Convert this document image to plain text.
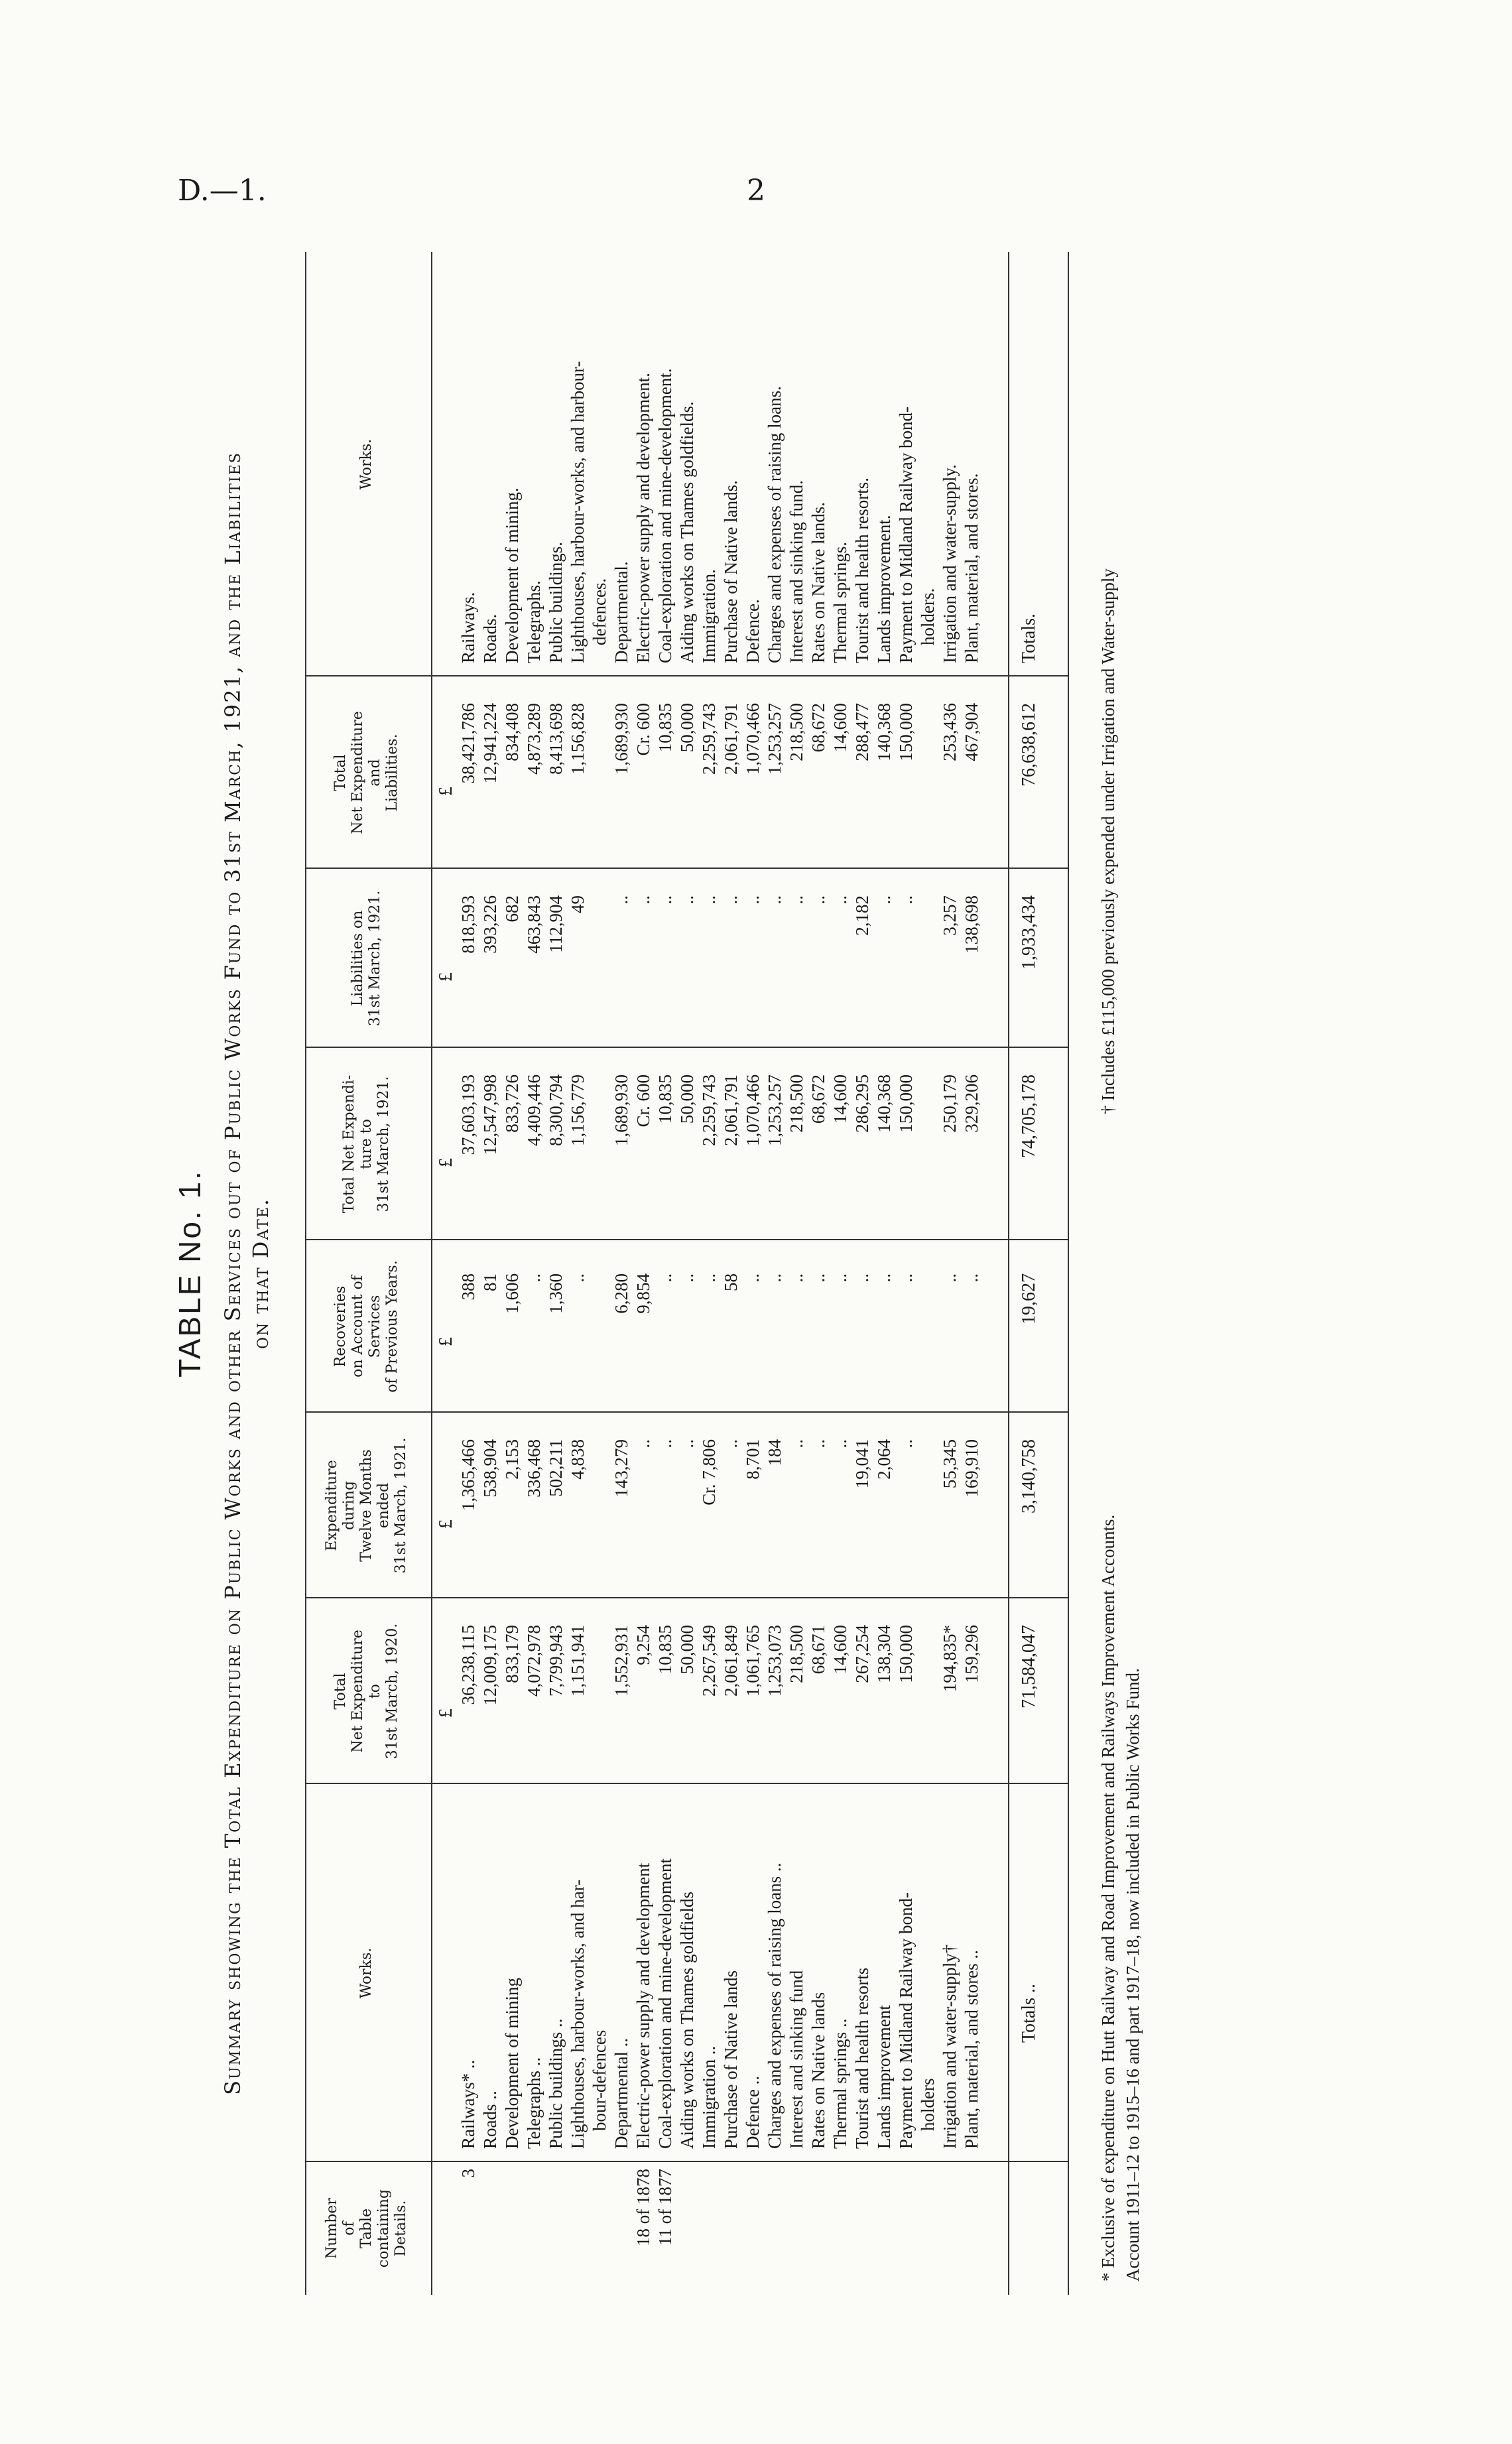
D.—1.	2
TABLE No. 1. Summary showing the Total Expenditure on Public Works and other Services out of Public Works Fund to 31st March, 1921, and the Liabilities on that Date.
Number
of
Table
containing
Details.
Works.
Total
Net Expenditure
to
31st March, 1920.
Expenditure
during
Twelve Months
ended
31st March, 1921.
Recoveries
on Account of
Services
of Previous Years.
Total Net Expendi-
ture to
31st March, 1921.
Liabilities on
31st March, 1921.
Total
Net Expenditure
and
Liabilities.
Works.
£
£
£
£
£
£
3

18 of 1878
11 of 1877
Railways* ..
Roads ..
Development of mining
Telegraphs ..
Public buildings ..
Lighthouses, harbour-works, and har-
bour-defences
Departmental ..
Electric-power supply and development
Coal-exploration and mine-development
Aiding works on Thames goldfields
Immigration ..
Purchase of Native lands
Defence ..
Charges and expenses of raising loans ..
Interest and sinking fund
Rates on Native lands
Thermal springs ..
Tourist and health resorts
Lands improvement
Payment to Midland Railway bond-
holders
Irrigation and water-supply†
Plant, material, and stores ..
36,238,115
12,009,175
833,179
4,072,978
7,799,943
1,151,941

1,552,931
9,254
10,835
50,000
2,267,549
2,061,849
1,061,765
1,253,073
218,500
68,671
14,600
267,254
138,304
150,000

194,835*
159,296
1,365,466
538,904
2,153
336,468
502,211
4,838

143,279
..
..
..
Cr. 7,806
..
8,701
184
..
..
..
19,041
2,064
..

55,345
169,910
388
81
1,606
..
1,360
..

6,280
9,854
..
..
..
58
..
..
..
..
..
..
..
..

..
..
37,603,193
12,547,998
833,726
4,409,446
8,300,794
1,156,779

1,689,930
Cr. 600
10,835
50,000
2,259,743
2,061,791
1,070,466
1,253,257
218,500
68,672
14,600
286,295
140,368
150,000

250,179
329,206
818,593
393,226
682
463,843
112,904
49

..
..
..
..
..
..
..
..
..
..
..
2,182
..
..

3,257
138,698
38,421,786
12,941,224
834,408
4,873,289
8,413,698
1,156,828

1,689,930
Cr. 600
10,835
50,000
2,259,743
2,061,791
1,070,466
1,253,257
218,500
68,672
14,600
288,477
140,368
150,000

253,436
467,904
Railways.
Roads.
Development of mining.
Telegraphs.
Public buildings.
Lighthouses, harbour-works, and harbour-
defences.
Departmental.
Electric-power supply and development.
Coal-exploration and mine-development.
Aiding works on Thames goldfields.
Immigration.
Purchase of Native lands.
Defence.
Charges and expenses of raising loans.
Interest and sinking fund.
Rates on Native lands.
Thermal springs.
Tourist and health resorts.
Lands improvement.
Payment to Midland Railway bond-
holders.
Irrigation and water-supply.
Plant, material, and stores.
Totals ..
71,584,047
3,140,758
19,627
74,705,178
1,933,434
76,638,612
Totals.
* Exclusive of expenditure on Hutt Railway and Road Improvement and Railways Improvement Accounts.
† Includes £115,000 previously expended under Irrigation and Water-supply
Account 1911–12 to 1915–16 and part 1917–18, now included in Public Works Fund.
